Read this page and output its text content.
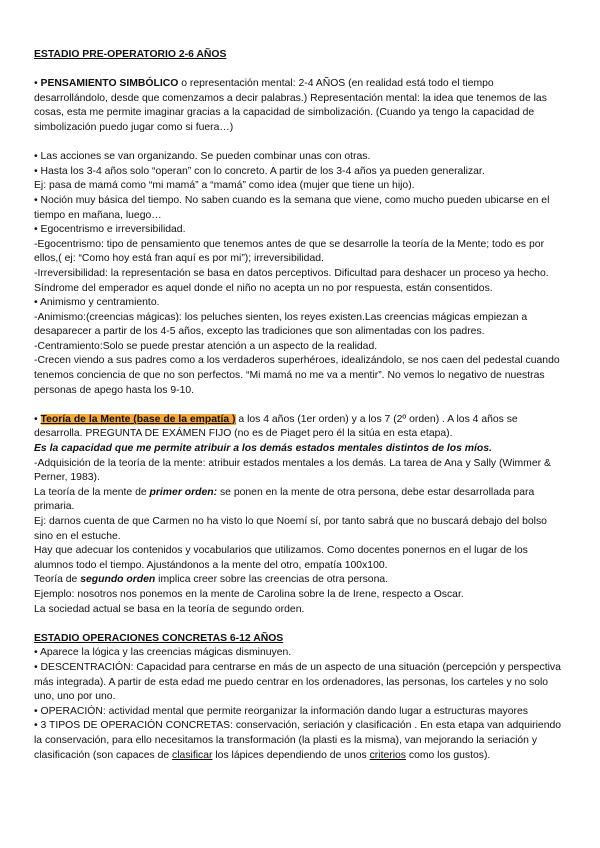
ESTADIO PRE-OPERATORIO 2-6 AÑOS

• PENSAMIENTO SIMBÓLICO o representación mental: 2-4 AÑOS (en realidad está todo el tiempo desarrollándolo, desde que comenzamos a decir palabras.) Representación mental: la idea que tenemos de las cosas, esta me permite imaginar gracias a la capacidad de simbolización. (Cuando ya tengo la capacidad de simbolización puedo jugar como si fuera…)

• Las acciones se van organizando. Se pueden combinar unas con otras.

• Hasta los 3-4 años solo “operan” con lo concreto. A partir de los 3-4 años ya pueden generalizar.

Ej: pasa de mamá como “mi mamá” a “mamá” como idea (mujer que tiene un hijo).

• Noción muy básica del tiempo. No saben cuando es la semana que viene, como mucho pueden ubicarse en el tiempo en mañana, luego…

• Egocentrismo e irreversibilidad.

-Egocentrismo: tipo de pensamiento que tenemos antes de que se desarrolle la teoría de la Mente; todo es por ellos,( ej: “Como hoy está fran aquí es por mi”); irreversibilidad.

-Irreversibilidad: la representación se basa en datos perceptivos. Dificultad para deshacer un proceso ya hecho.

Síndrome del emperador es aquel donde el niño no acepta un no por respuesta, están consentidos.

• Animismo y centramiento.

-Animismo:(creencias mágicas): los peluches sienten, los reyes existen.Las creencias mágicas empiezan a desaparecer a partir de los 4-5 años, excepto las tradiciones que son alimentadas con los padres.

-Centramiento:Solo se puede prestar atención a un aspecto de la realidad.

-Crecen viendo a sus padres como a los verdaderos superhéroes, idealizándolo, se nos caen del pedestal cuando tenemos conciencia de que no son perfectos. “Mi mamá no me va a mentir”. No vemos lo negativo de nuestras personas de apego hasta los 9-10.

• Teoría de la Mente (base de la empatía ) a los 4 años (1er orden) y a los 7 (2º orden) . A los 4 años se desarrolla. PREGUNTA DE EXÁMEN FIJO (no es de Piaget pero él la sitúa en esta etapa).

Es la capacidad que me permite atribuir a los demás estados mentales distintos de los míos.

-Adquisición de la teoría de la mente: atribuir estados mentales a los demás. La tarea de Ana y Sally (Wimmer & Perner, 1983).

La teoría de la mente de primer orden: se ponen en la mente de otra persona, debe estar desarrollada para primaria.

Ej: darnos cuenta de que Carmen no ha visto lo que Noemí sí, por tanto sabrá que no buscará debajo del bolso sino en el estuche.

Hay que adecuar los contenidos y vocabularios que utilizamos. Como docentes ponernos en el lugar de los alumnos todo el tiempo. Ajustándonos a la mente del otro, empatía 100x100.

Teoría de segundo orden implica creer sobre las creencias de otra persona.

Ejemplo: nosotros nos ponemos en la mente de Carolina sobre la de Irene, respecto a Oscar.

La sociedad actual se basa en la teoría de segundo orden.

ESTADIO OPERACIONES CONCRETAS 6-12 AÑOS

• Aparece la lógica y las creencias mágicas disminuyen.

• DESCENTRACIÓN: Capacidad para centrarse en más de un aspecto de una situación (percepción y perspectiva más integrada). A partir de esta edad me puedo centrar en los ordenadores, las personas, los carteles y no solo uno, uno por uno.

• OPERACIÓN: actividad mental que permite reorganizar la información dando lugar a estructuras mayores

• 3 TIPOS DE OPERACIÓN CONCRETAS: conservación, seriación y clasificación . En esta etapa van adquiriendo la conservación, para ello necesitamos la transformación (la plasti es la misma), van mejorando la seriación y clasificación (son capaces de clasificar los lápices dependiendo de unos criterios como los gustos).
